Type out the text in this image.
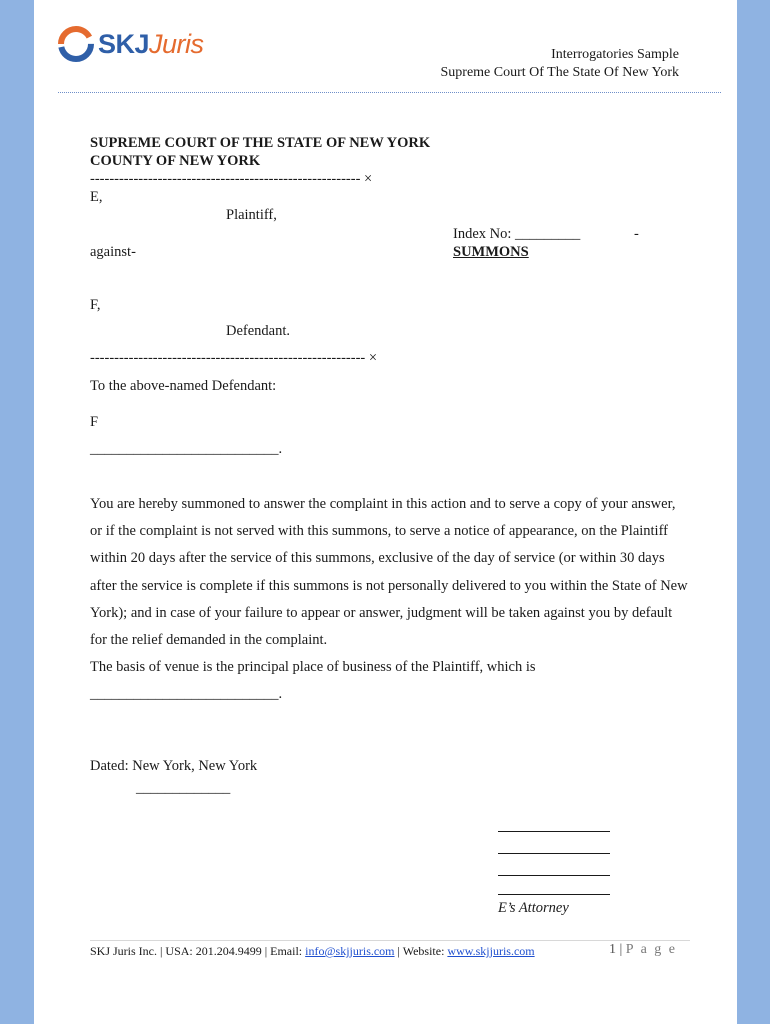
SKJJuris	Interrogatories Sample
Supreme Court Of The State Of New York
SUPREME COURT OF THE STATE OF NEW YORK
COUNTY OF NEW YORK
-------------------------------------------------------- ×
E,
Plaintiff,
Index No: _________	-
against-	SUMMONS
F,
Defendant.
--------------------------------------------------------- ×
To the above-named Defendant:
F
__________________________.

You are hereby summoned to answer the complaint in this action and to serve a copy of your answer, or if the complaint is not served with this summons, to serve a notice of appearance, on the Plaintiff within 20 days after the service of this summons, exclusive of the day of service (or within 30 days after the service is complete if this summons is not personally delivered to you within the State of New York); and in case of your failure to appear or answer, judgment will be taken against you by default for the relief demanded in the complaint.

The basis of venue is the principal place of business of the Plaintiff, which is

__________________________.

Dated: New York, New York
_____________
E’s Attorney
SKJ Juris Inc. | USA: 201.204.9499 | Email: info@skjjuris.com | Website: www.skjjuris.com	1 | P a g e
